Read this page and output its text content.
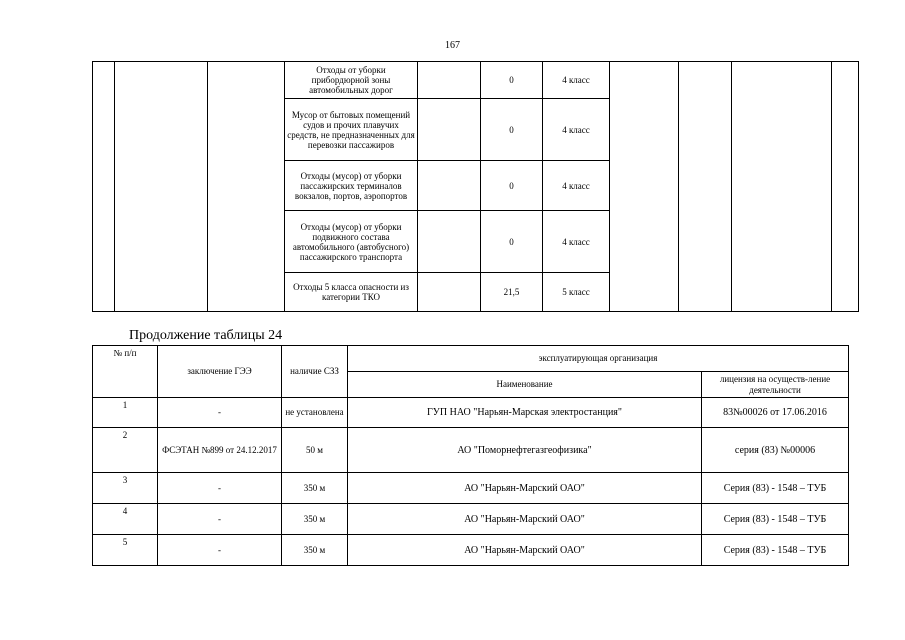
167
			Отходы от уборки прибордюрной зоны автомобильных дорог		0	4 класс				
			Мусор от бытовых помещений судов и прочих плавучих средств, не предназначенных для перевозки пассажиров		0	4 класс				
			Отходы (мусор) от уборки пассажирских терминалов вокзалов, портов, аэропортов		0	4 класс				
			Отходы (мусор) от уборки подвижного состава автомобильного (автобусного) пассажирского транспорта		0	4 класс				
			Отходы 5 класса опасности из категории ТКО		21,5	5 класс				
Продолжение таблицы 24
№ п/п	заключение ГЭЭ	наличие СЗЗ	эксплуатирующая организация	
			Наименование	лицензия на осуществ-ление деятельности
1	-	не установлена	ГУП НАО "Нарьян-Марская электростанция"	83№00026 от 17.06.2016
2	ФСЭТАН №899 от 24.12.2017	50 м	АО "Поморнефтегазгеофизика"	серия (83) №00006
3	-	350 м	АО "Нарьян-Марский ОАО"	Серия (83) - 1548 – ТУБ
4	-	350 м	АО "Нарьян-Марский ОАО"	Серия (83) - 1548 – ТУБ
5	-	350 м	АО "Нарьян-Марский ОАО"	Серия (83) - 1548 – ТУБ
